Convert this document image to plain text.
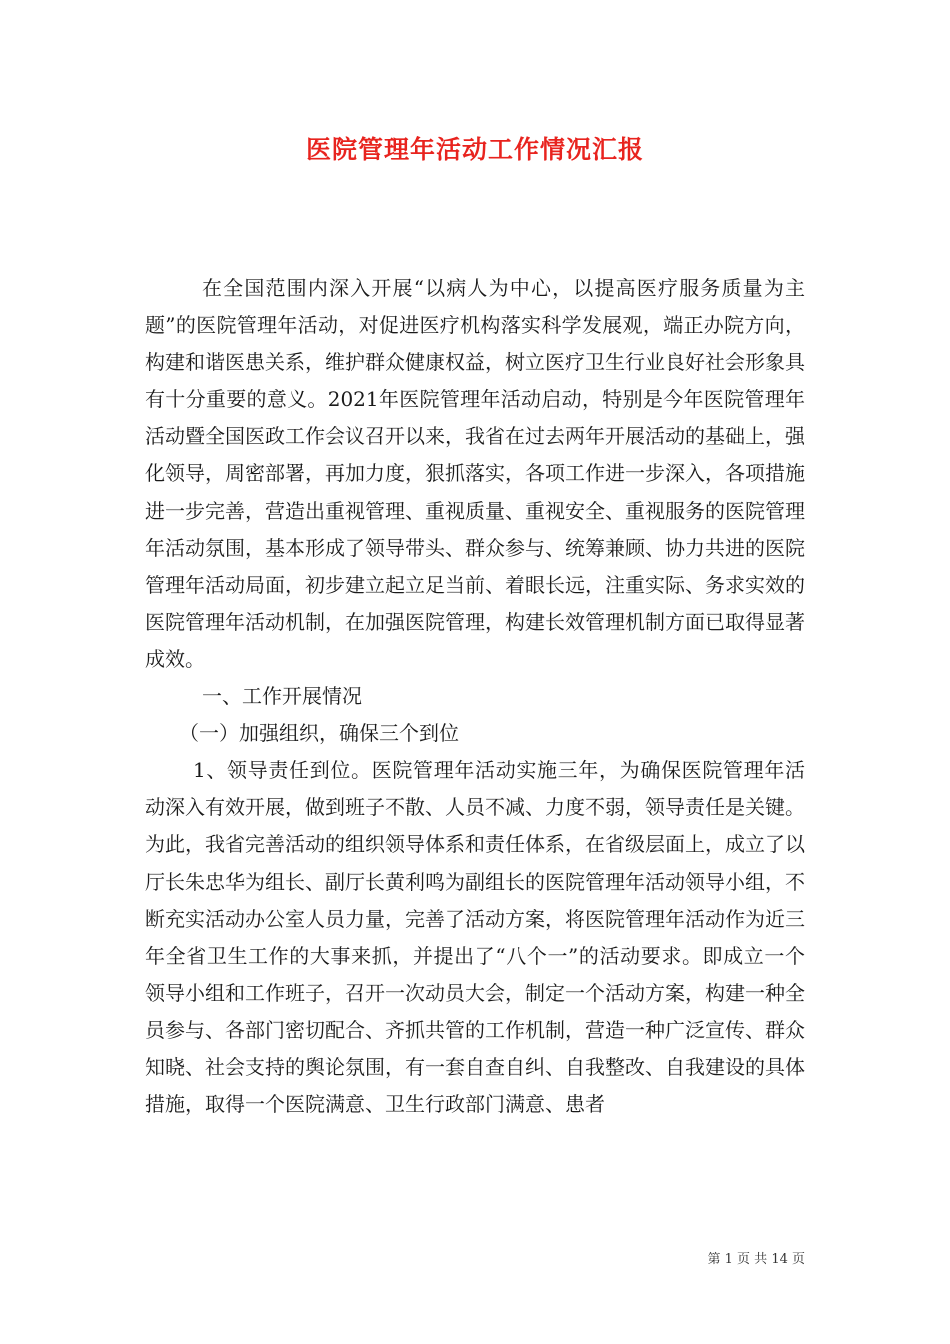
医院管理年活动工作情况汇报

在全国范围内深入开展“以病人为中心，以提高医疗服务质量为主题”的医院管理年活动，对促进医疗机构落实科学发展观，端正办院方向，构建和谐医患关系，维护群众健康权益，树立医疗卫生行业良好社会形象具有十分重要的意义。2021年医院管理年活动启动，特别是今年医院管理年活动暨全国医政工作会议召开以来，我省在过去两年开展活动的基础上，强化领导，周密部署，再加力度，狠抓落实，各项工作进一步深入，各项措施进一步完善，营造出重视管理、重视质量、重视安全、重视服务的医院管理年活动氛围，基本形成了领导带头、群众参与、统筹兼顾、协力共进的医院管理年活动局面，初步建立起立足当前、着眼长远，注重实际、务求实效的医院管理年活动机制，在加强医院管理，构建长效管理机制方面已取得显著成效。

一、工作开展情况

（一）加强组织，确保三个到位

1、领导责任到位。医院管理年活动实施三年，为确保医院管理年活动深入有效开展，做到班子不散、人员不减、力度不弱，领导责任是关键。为此，我省完善活动的组织领导体系和责任体系，在省级层面上，成立了以厅长朱忠华为组长、副厅长黄利鸣为副组长的医院管理年活动领导小组，不断充实活动办公室人员力量，完善了活动方案，将医院管理年活动作为近三年全省卫生工作的大事来抓，并提出了“八个一”的活动要求。即成立一个领导小组和工作班子，召开一次动员大会，制定一个活动方案，构建一种全员参与、各部门密切配合、齐抓共管的工作机制，营造一种广泛宣传、群众知晓、社会支持的舆论氛围，有一套自查自纠、自我整改、自我建设的具体措施，取得一个医院满意、卫生行政部门满意、患者

第 1 页 共 14 页
